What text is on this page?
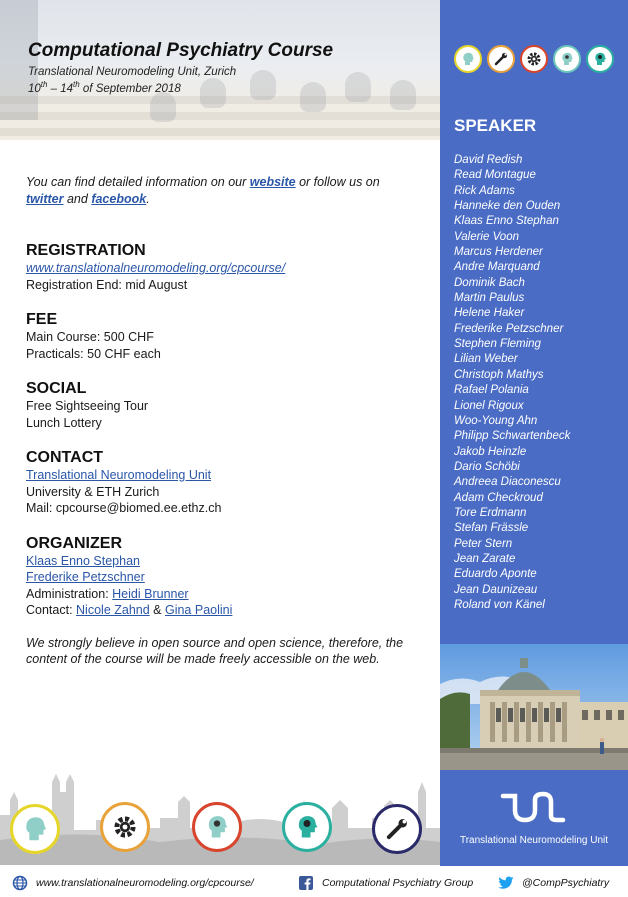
Computational Psychiatry Course
Translational Neuromodeling Unit, Zurich
10th – 14th of September 2018

You can find detailed information on our website or follow us on twitter and facebook.

REGISTRATION
www.translationalneuromodeling.org/cpcourse/
Registration End: mid August
FEE
Main Course: 500 CHF
Practicals: 50 CHF each
SOCIAL
Free Sightseeing Tour
Lunch Lottery
CONTACT
Translational Neuromodeling Unit
University & ETH Zurich
Mail: cpcourse@biomed.ee.ethz.ch
ORGANIZER
Klaas Enno Stephan
Frederike Petzschner
Administration: Heidi Brunner
Contact: Nicole Zahnd & Gina Paolini

We strongly believe in open source and open science, therefore, the content of the course will be made freely accessible on the web.

SPEAKER
David Redish
Read Montague
Rick Adams
Hanneke den Ouden
Klaas Enno Stephan
Valerie Voon
Marcus Herdener
Andre Marquand
Dominik Bach
Martin Paulus
Helene Haker
Frederike Petzschner
Stephen Fleming
Lilian Weber
Christoph Mathys
Rafael Polania
Lionel Rigoux
Woo-Young Ahn
Philipp Schwartenbeck
Jakob Heinzle
Dario Schöbi
Andreea Diaconescu
Adam Checkroud
Tore Erdmann
Stefan Frässle
Peter Stern
Jean Zarate
Eduardo Aponte
Jean Daunizeau
Roland von Känel
Translational Neuromodeling Unit
www.translationalneuromodeling.org/cpcourse/	Computational Psychiatry Group	@CompPsychiatry
